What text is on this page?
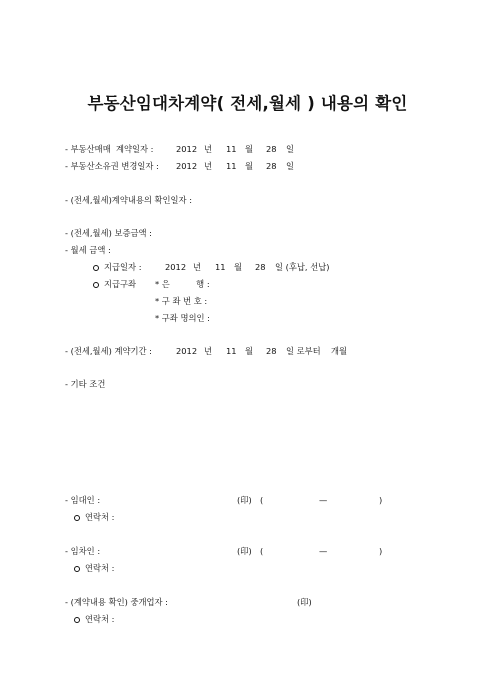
부동산임대차계약( 전세,월세 ) 내용의 확인
- 부동산매매  계약일자 :	2012 년 11 월 28 일
- 부동산소유권 변경일자 : 2012 년 11 월 28 일
- (전세,월세)계약내용의 확인일자 :
- (전세,월세) 보증금액 :
- 월세 금액 :
지급일자 :	2012 년 11 월 28 일 (후납, 선납)
지급구좌 * 은          행 :
* 구 좌 번 호 :
* 구좌 명의인 :
- (전세,월세) 계약기간 :	2012 년 11 월 28 일 로부터 개월
- 기타 조건
- 임대인 :	(印) (	—	)
연락처 :
- 임차인 :	(印) (	—	)
연락처 :
- (계약내용 확인) 중개업자 :	(印)
연락처 :
